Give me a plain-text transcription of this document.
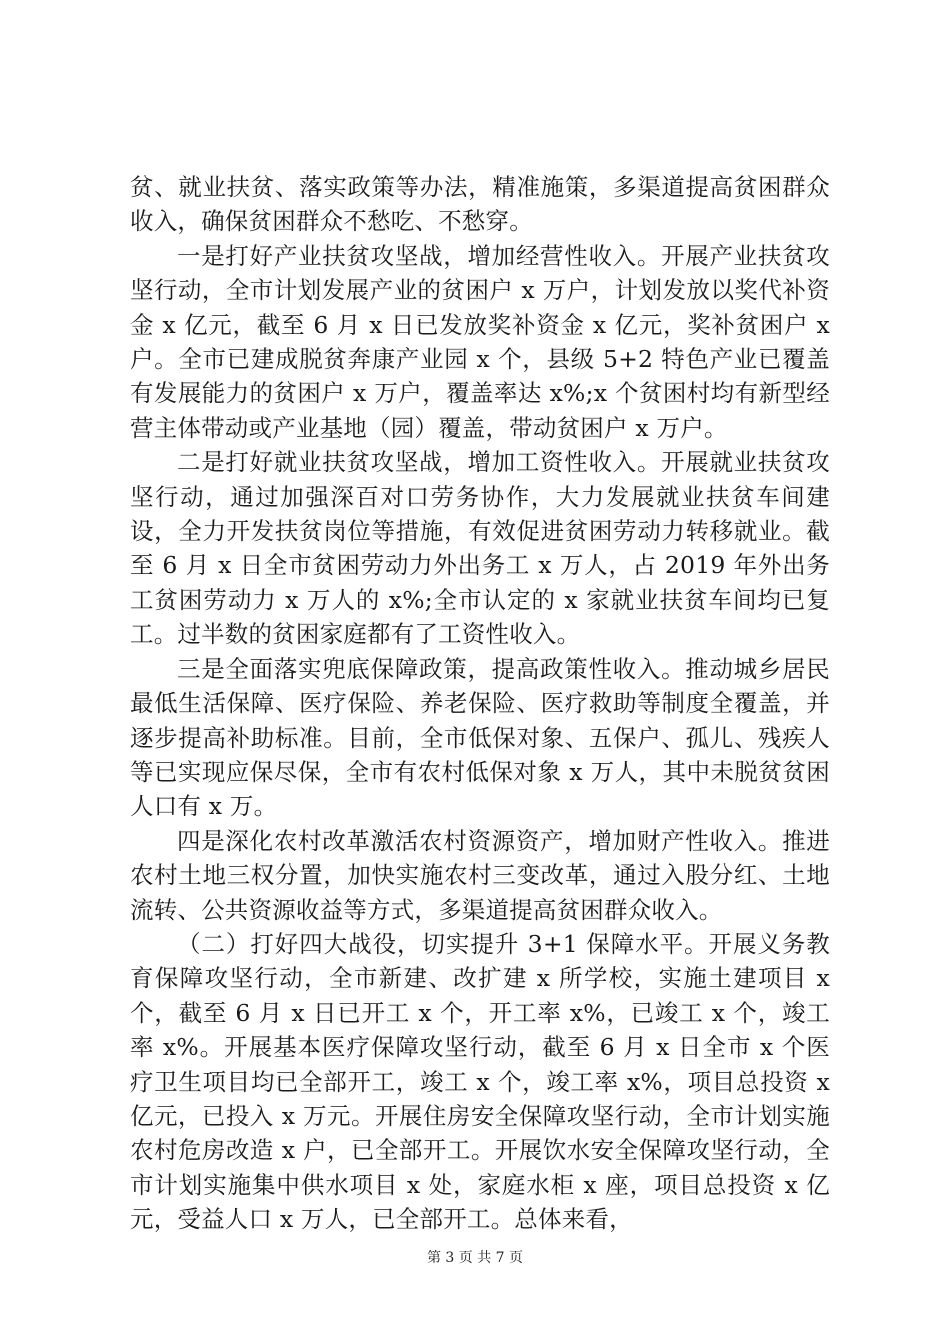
贫、就业扶贫、落实政策等办法，精准施策，多渠道提高贫困群众收入，确保贫困群众不愁吃、不愁穿。

一是打好产业扶贫攻坚战，增加经营性收入。开展产业扶贫攻坚行动，全市计划发展产业的贫困户 x 万户，计划发放以奖代补资金 x 亿元，截至 6 月 x 日已发放奖补资金 x 亿元，奖补贫困户 x 户。全市已建成脱贫奔康产业园 x 个，县级 5+2 特色产业已覆盖有发展能力的贫困户 x 万户，覆盖率达 x%;x 个贫困村均有新型经营主体带动或产业基地（园）覆盖，带动贫困户 x 万户。

二是打好就业扶贫攻坚战，增加工资性收入。开展就业扶贫攻坚行动，通过加强深百对口劳务协作，大力发展就业扶贫车间建设，全力开发扶贫岗位等措施，有效促进贫困劳动力转移就业。截至 6 月 x 日全市贫困劳动力外出务工 x 万人，占 2019 年外出务工贫困劳动力 x 万人的 x%;全市认定的 x 家就业扶贫车间均已复工。过半数的贫困家庭都有了工资性收入。

三是全面落实兜底保障政策，提高政策性收入。推动城乡居民最低生活保障、医疗保险、养老保险、医疗救助等制度全覆盖，并逐步提高补助标准。目前，全市低保对象、五保户、孤儿、残疾人等已实现应保尽保，全市有农村低保对象 x 万人，其中未脱贫贫困人口有 x 万。

四是深化农村改革激活农村资源资产，增加财产性收入。推进农村土地三权分置，加快实施农村三变改革，通过入股分红、土地流转、公共资源收益等方式，多渠道提高贫困群众收入。

（二）打好四大战役，切实提升 3+1 保障水平。开展义务教育保障攻坚行动，全市新建、改扩建 x 所学校，实施土建项目 x 个，截至 6 月 x 日已开工 x 个，开工率 x%，已竣工 x 个，竣工率 x%。开展基本医疗保障攻坚行动，截至 6 月 x 日全市 x 个医疗卫生项目均已全部开工，竣工 x 个，竣工率 x%，项目总投资 x 亿元，已投入 x 万元。开展住房安全保障攻坚行动，全市计划实施农村危房改造 x 户，已全部开工。开展饮水安全保障攻坚行动，全市计划实施集中供水项目 x 处，家庭水柜 x 座，项目总投资 x 亿元，受益人口 x 万人，已全部开工。总体来看，

第 3 页 共 7 页
